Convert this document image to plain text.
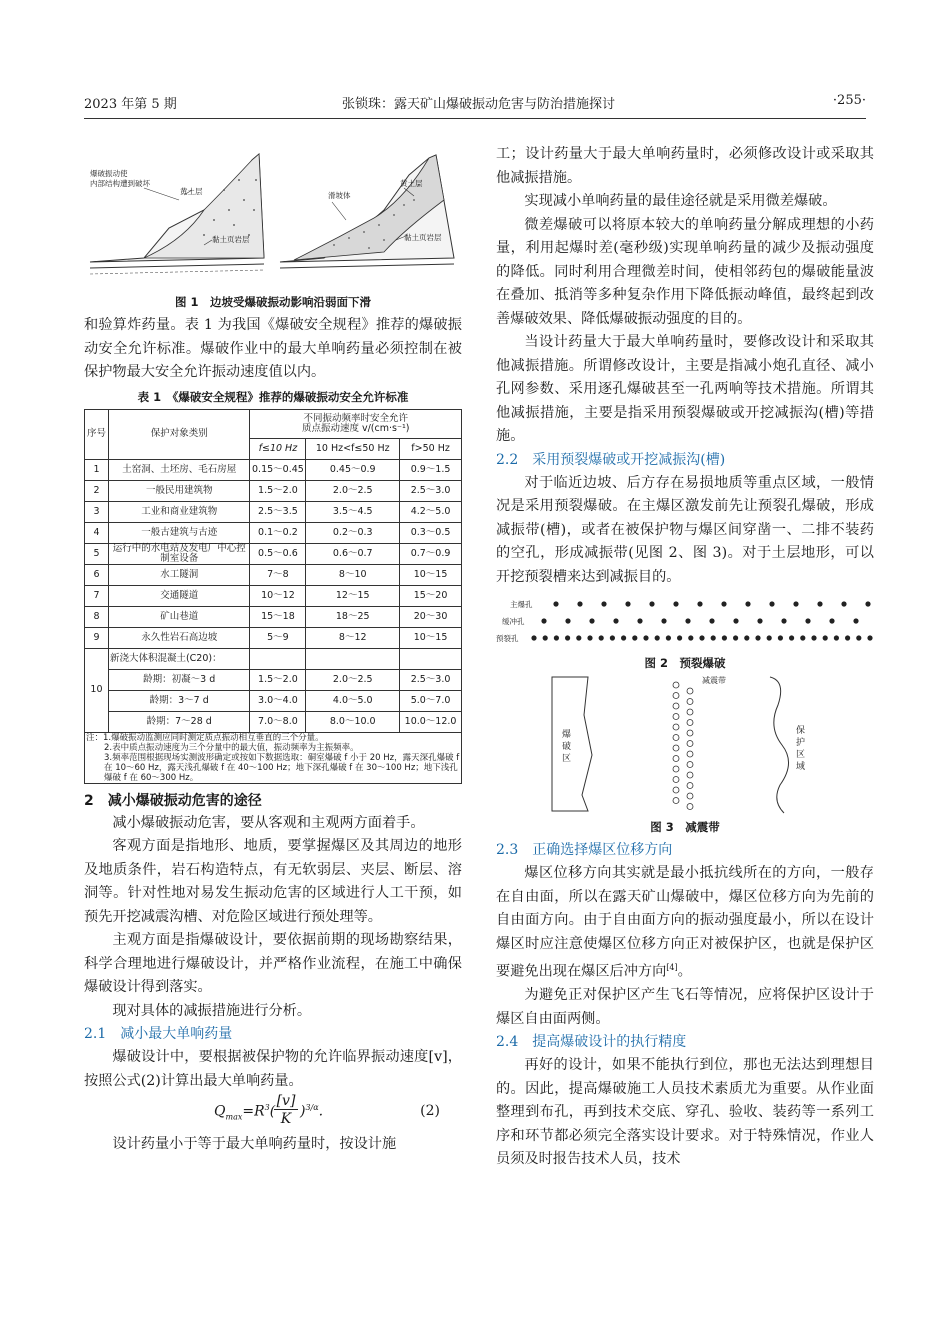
2023 年第 5 期	张锁珠：露天矿山爆破振动危害与防治措施探讨	·255·
爆破振动使
内部结构遭到破坏
黄土层
黏土页岩层
滑坡体
黄土层
黏土页岩层
图 1　边坡受爆破振动影响沿弱面下滑

和验算炸药量。表 1 为我国《爆破安全规程》推荐的爆破振动安全允许标准。爆破作业中的最大单响药量必须控制在被保护物最大安全允许振动速度值以内。

表 1　《爆破安全规程》推荐的爆破振动安全允许标准
序号	保护对象类别	不同振动频率时安全允许
质点振动速度 v/(cm·s⁻¹)		

		f≤10 Hz	10 Hz<f≤50 Hz	f>50 Hz
1	土窑洞、土坯房、毛石房屋	0.15～0.45	0.45～0.9	0.9～1.5
2	一般民用建筑物	1.5～2.0	2.0～2.5	2.5～3.0
3	工业和商业建筑物	2.5～3.5	3.5～4.5	4.2～5.0
4	一般古建筑与古迹	0.1～0.2	0.2～0.3	0.3～0.5
5	运行中的水电站及发电厂中心控制室设备	0.5～0.6	0.6～0.7	0.7～0.9
6	水工隧洞	7～8	8～10	10～15
7	交通隧道	10～12	12～15	15～20
8	矿山巷道	15～18	18～25	20～30
9	永久性岩石高边坡	5～9	8～12	10～15
10	新浇大体积混凝土(C20)：			
	龄期：初凝～3 d	1.5～2.0	2.0～2.5	2.5～3.0
	龄期：3～7 d	3.0～4.0	4.0～5.0	5.0～7.0
	龄期：7～28 d	7.0～8.0	8.0～10.0	10.0～12.0

注：1.爆破振动监测应同时测定质点振动相互垂直的三个分量。
2.表中质点振动速度为三个分量中的最大值，振动频率为主振频率。
3.频率范围根据现场实测波形确定或按如下数据选取：硐室爆破 f 小于 20 Hz，露天深孔爆破 f 在 10～60 Hz，露天浅孔爆破 f 在 40～100 Hz；地下深孔爆破 f 在 30～100 Hz；地下浅孔爆破 f 在 60～300 Hz。				
2　减小爆破振动危害的途径

减小爆破振动危害，要从客观和主观两方面着手。

客观方面是指地形、地质，要掌握爆区及其周边的地形及地质条件，岩石构造特点，有无软弱层、夹层、断层、溶洞等。针对性地对易发生振动危害的区域进行人工干预，如预先开挖减震沟槽、对危险区域进行预处理等。

主观方面是指爆破设计，要依据前期的现场勘察结果，科学合理地进行爆破设计，并严格作业流程，在施工中确保爆破设计得到落实。

现对具体的减振措施进行分析。

2.1　减小最大单响药量

爆破设计中，要根据被保护物的允许临界振动速度[v]，按照公式(2)计算出最大单响药量。

$Q_{max}=R^3$(
$\frac{[v]}{K} )^{3/\alpha}$.	(2)

设计药量小于等于最大单响药量时，按设计施

工；设计药量大于最大单响药量时，必须修改设计或采取其他减振措施。

实现减小单响药量的最佳途径就是采用微差爆破。

微差爆破可以将原本较大的单响药量分解成理想的小药量，利用起爆时差(毫秒级)实现单响药量的减少及振动强度的降低。同时利用合理微差时间，使相邻药包的爆破能量波在叠加、抵消等多种复杂作用下降低振动峰值，最终起到改善爆破效果、降低爆破振动强度的目的。

当设计药量大于最大单响药量时，要修改设计和采取其他减振措施。所谓修改设计，主要是指减小炮孔直径、减小孔网参数、采用逐孔爆破甚至一孔两响等技术措施。所谓其他减振措施，主要是指采用预裂爆破或开挖减振沟(槽)等措施。

2.2　采用预裂爆破或开挖减振沟(槽)

对于临近边坡、后方存在易损地质等重点区域，一般情况是采用预裂爆破。在主爆区激发前先让预裂孔爆破，形成减振带(槽)，或者在被保护物与爆区间穿凿一、二排不装药的空孔，形成减振带(见图 2、图 3)。对于土层地形，可以开挖预裂槽来达到减振目的。

主爆孔
缓冲孔
预裂孔
图 2　预裂爆破
爆
破
区
减震带
保
护
区
域
图 3　减震带
2.3　正确选择爆区位移方向

爆区位移方向其实就是最小抵抗线所在的方向，一般存在自由面，所以在露天矿山爆破中，爆区位移方向为先前的自由面方向。由于自由面方向的振动强度最小，所以在设计爆区时应注意使爆区位移方向正对被保护区，也就是保护区要避免出现在爆区后冲方向[4]。

为避免正对保护区产生飞石等情况，应将保护区设计于爆区自由面两侧。

2.4　提高爆破设计的执行精度

再好的设计，如果不能执行到位，那也无法达到理想目的。因此，提高爆破施工人员技术素质尤为重要。从作业面整理到布孔，再到技术交底、穿孔、验收、装药等一系列工序和环节都必须完全落实设计要求。对于特殊情况，作业人员须及时报告技术人员，技术
